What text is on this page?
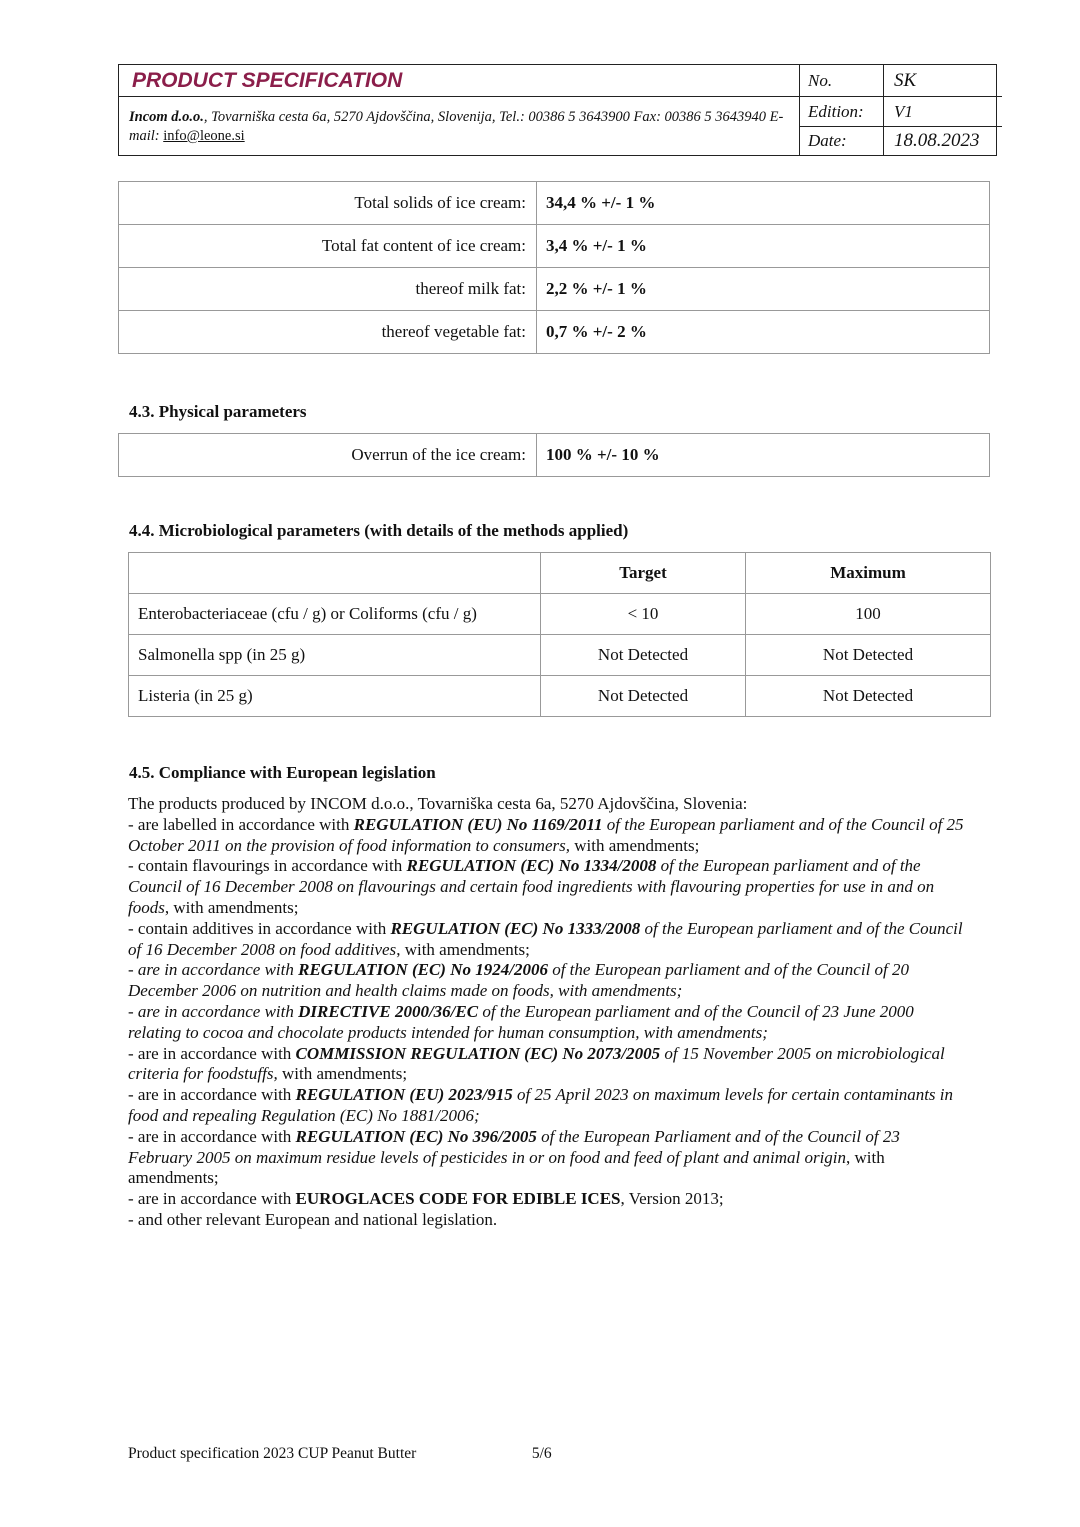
PRODUCT SPECIFICATION
Incom d.o.o., Tovarniška cesta 6a, 5270 Ajdovščina, Slovenija, Tel.: 00386 5 3643900 Fax: 00386 5 3643940 E-mail: info@leone.si
No.	SK
Edition:	V1
Date:	18.08.2023
Total solids of ice cream:	34,4 % +/- 1 %
Total fat content of ice cream:	3,4 % +/- 1 %
thereof milk fat:	2,2 % +/- 1 %
thereof vegetable fat:	0,7 % +/- 2 %
4.3. Physical parameters
Overrun of the ice cream:	100 % +/- 10 %
4.4. Microbiological parameters (with details of the methods applied)
	Target	Maximum
Enterobacteriaceae (cfu / g) or Coliforms (cfu / g)	< 10	100
Salmonella spp (in 25 g)	Not Detected	Not Detected
Listeria (in 25 g)	Not Detected	Not Detected
4.5. Compliance with European legislation

The products produced by INCOM d.o.o., Tovarniška cesta 6a, 5270 Ajdovščina, Slovenia:

- are labelled in accordance with REGULATION (EU) No 1169/2011 of the European parliament and of the Council of 25 October 2011 on the provision of food information to consumers, with amendments;

- contain flavourings in accordance with REGULATION (EC) No 1334/2008 of the European parliament and of the Council of 16 December 2008 on flavourings and certain food ingredients with flavouring properties for use in and on foods, with amendments;

- contain additives in accordance with REGULATION (EC) No 1333/2008 of the European parliament and of the Council of 16 December 2008 on food additives, with amendments;

- are in accordance with REGULATION (EC) No 1924/2006 of the European parliament and of the Council of 20 December 2006 on nutrition and health claims made on foods, with amendments;

- are in accordance with DIRECTIVE 2000/36/EC of the European parliament and of the Council of 23 June 2000 relating to cocoa and chocolate products intended for human consumption, with amendments;

- are in accordance with COMMISSION REGULATION (EC) No 2073/2005 of 15 November 2005 on microbiological criteria for foodstuffs, with amendments;

- are in accordance with REGULATION (EU) 2023/915 of 25 April 2023 on maximum levels for certain contaminants in food and repealing Regulation (EC) No 1881/2006;

- are in accordance with REGULATION (EC) No 396/2005 of the European Parliament and of the Council of 23 February 2005 on maximum residue levels of pesticides in or on food and feed of plant and animal origin, with amendments;

- are in accordance with EUROGLACES CODE FOR EDIBLE ICES, Version 2013;

- and other relevant European and national legislation.

Product specification 2023 CUP Peanut Butter	5/6
